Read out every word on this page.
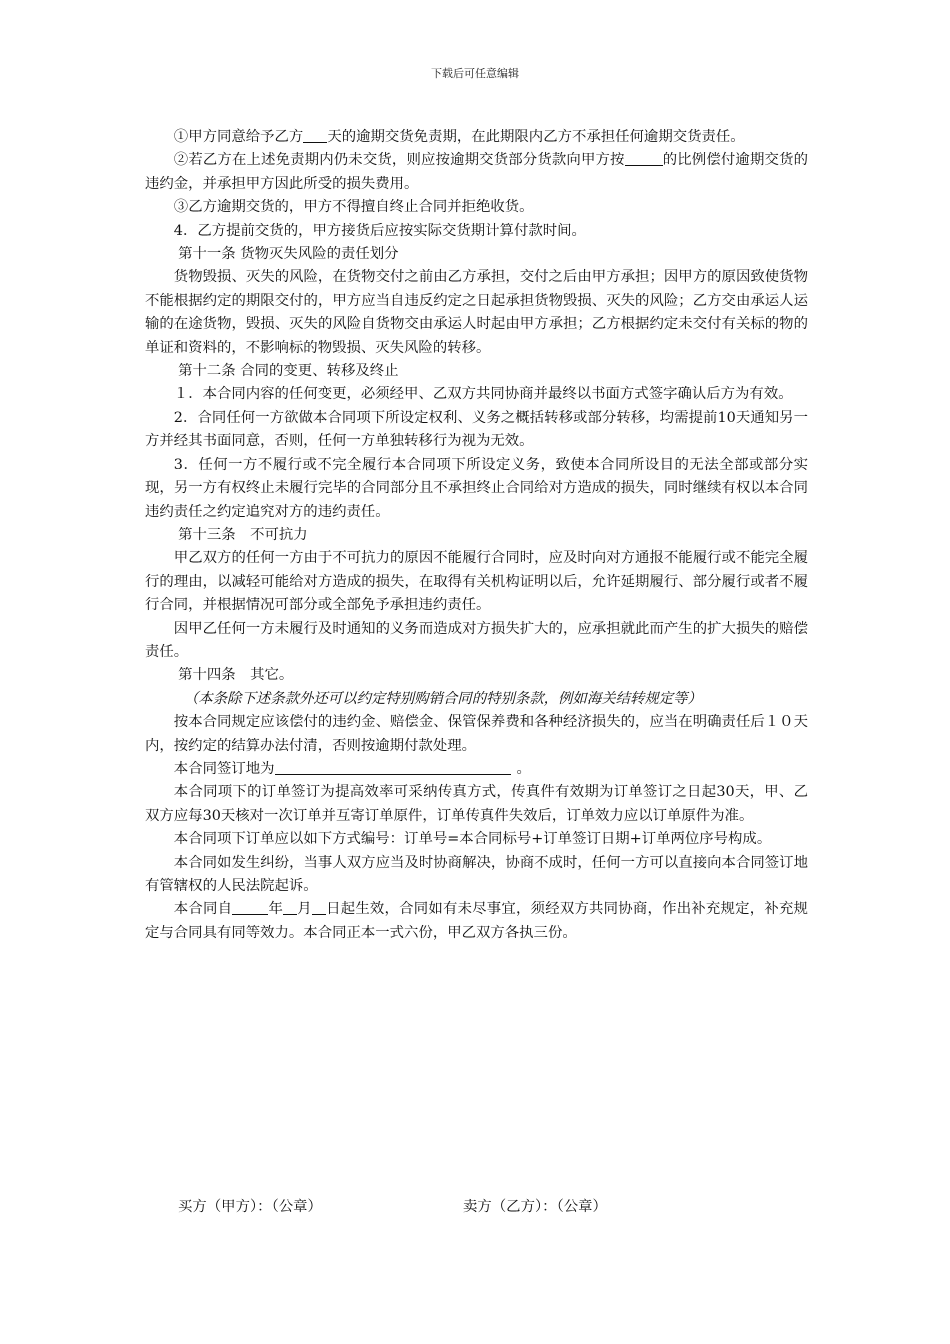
下载后可任意编辑

①甲方同意给予乙方 天的逾期交货免责期，在此期限内乙方不承担任何逾期交货责任。

②若乙方在上述免责期内仍未交货，则应按逾期交货部分货款向甲方按	的比例偿付逾期交货的违约金，并承担甲方因此所受的损失费用。

③乙方逾期交货的，甲方不得擅自终止合同并拒绝收货。

4．乙方提前交货的，甲方接货后应按实际交货期计算付款时间。

第十一条 货物灭失风险的责任划分

货物毁损、灭失的风险，在货物交付之前由乙方承担，交付之后由甲方承担；因甲方的原因致使货物不能根据约定的期限交付的，甲方应当自违反约定之日起承担货物毁损、灭失的风险；乙方交由承运人运输的在途货物，毁损、灭失的风险自货物交由承运人时起由甲方承担；乙方根据约定未交付有关标的物的单证和资料的，不影响标的物毁损、灭失风险的转移。

第十二条 合同的变更、转移及终止

１．本合同内容的任何变更，必须经甲、乙双方共同协商并最终以书面方式签字确认后方为有效。

2．合同任何一方欲做本合同项下所设定权利、义务之概括转移或部分转移，均需提前10天通知另一方并经其书面同意，否则，任何一方单独转移行为视为无效。

3．任何一方不履行或不完全履行本合同项下所设定义务，致使本合同所设目的无法全部或部分实现，另一方有权终止未履行完毕的合同部分且不承担终止合同给对方造成的损失，同时继续有权以本合同违约责任之约定追究对方的违约责任。

第十三条　不可抗力

甲乙双方的任何一方由于不可抗力的原因不能履行合同时，应及时向对方通报不能履行或不能完全履行的理由，以减轻可能给对方造成的损失，在取得有关机构证明以后，允许延期履行、部分履行或者不履行合同，并根据情况可部分或全部免予承担违约责任。

因甲乙任何一方未履行及时通知的义务而造成对方损失扩大的，应承担就此而产生的扩大损失的赔偿责任。

第十四条　其它。

（本条除下述条款外还可以约定特别购销合同的特别条款，例如海关结转规定等）

按本合同规定应该偿付的违约金、赔偿金、保管保养费和各种经济损失的，应当在明确责任后１０天内，按约定的结算办法付清，否则按逾期付款处理。

本合同签订地为	。

本合同项下的订单签订为提高效率可采纳传真方式，传真件有效期为订单签订之日起30天，甲、乙双方应每30天核对一次订单并互寄订单原件，订单传真件失效后，订单效力应以订单原件为准。

本合同项下订单应以如下方式编号：订单号=本合同标号+订单签订日期+订单两位序号构成。

本合同如发生纠纷，当事人双方应当及时协商解决，协商不成时，任何一方可以直接向本合同签订地有管辖权的人民法院起诉。

本合同自	年 月 日起生效，合同如有未尽事宜，须经双方共同协商，作出补充规定，补充规定与合同具有同等效力。本合同正本一式六份，甲乙双方各执三份。

买方（甲方）：（公章）	卖方（乙方）：（公章）
